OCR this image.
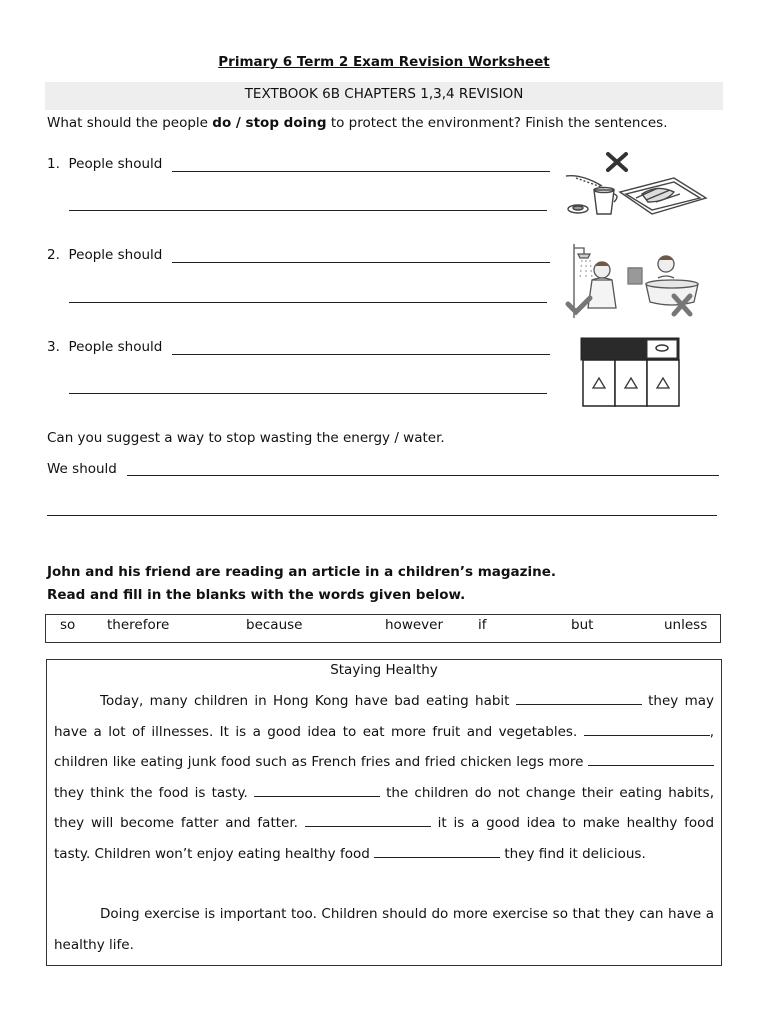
Primary 6 Term 2 Exam Revision Worksheet
TEXTBOOK 6B CHAPTERS 1,3,4 REVISION
What should the people do / stop doing to protect the environment? Finish the sentences.
1. People should
2. People should
3. People should
Can you suggest a way to stop wasting the energy / water.
We should
John and his friend are reading an article in a children’s magazine.
Read and fill in the blanks with the words given below.
so therefore	because	however	if	but	unless
Staying Healthy
Today, many children in Hong Kong have bad eating habit	they may have a lot of illnesses. It is a good idea to eat more fruit and vegetables.	, children like eating junk food such as French fries and fried chicken legs more  they think the food is tasty.	the children do not change their eating habits, they will become fatter and fatter.	it is a good idea to make healthy food tasty. Children won’t enjoy eating healthy food	they find it delicious.
Doing exercise is important too. Children should do more exercise so that they can have a healthy life.
